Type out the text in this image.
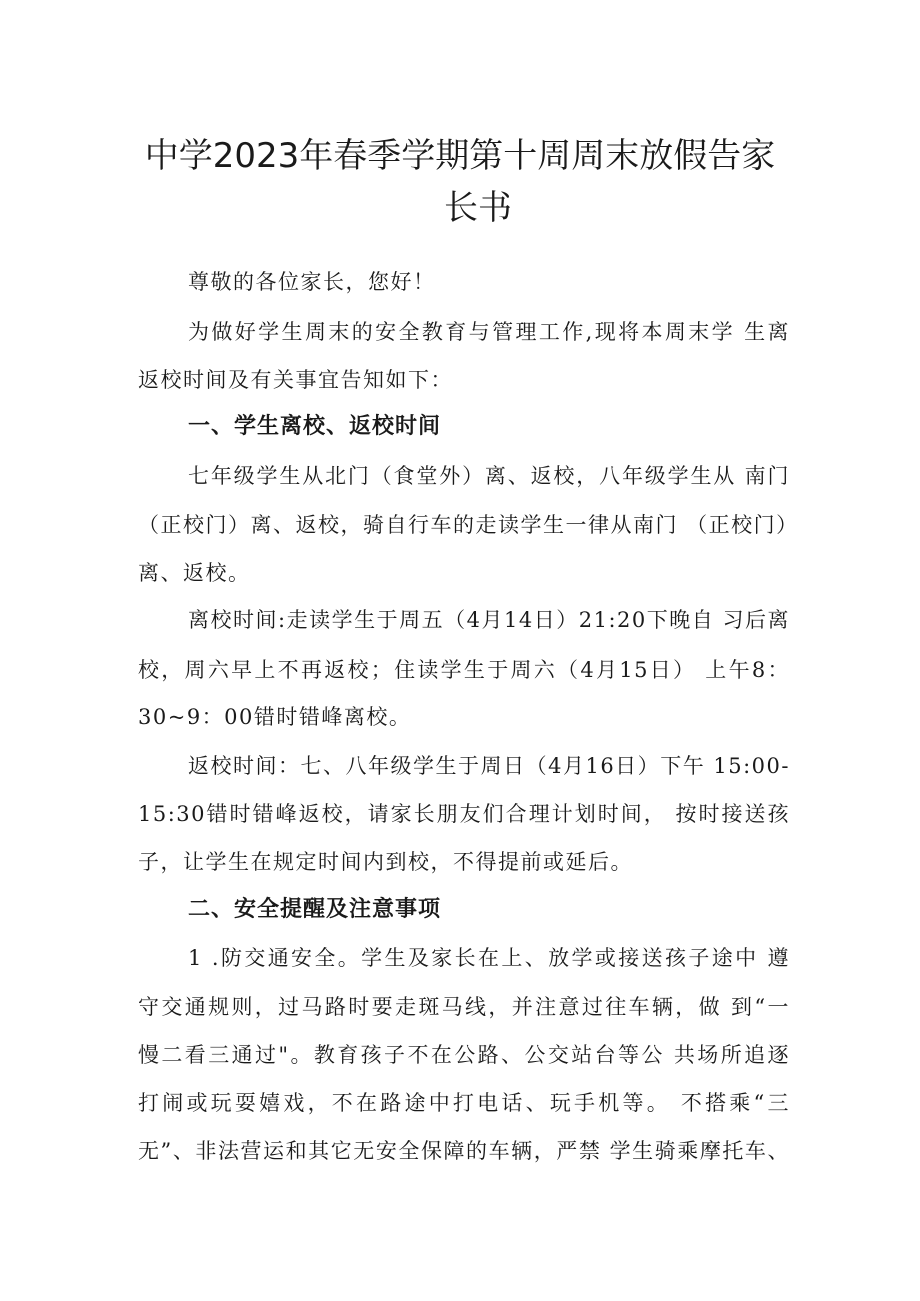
中学2023年春季学期第十周周末放假告家
长书
尊敬的各位家长，您好！
为做好学生周末的安全教育与管理工作,现将本周末学 生离
返校时间及有关事宜告知如下：
一、学生离校、返校时间
七年级学生从北门（食堂外）离、返校，八年级学生从 南门
（正校门）离、返校，骑自行车的走读学生一律从南门 （正校门）
离、返校。
离校时间:走读学生于周五（4月14日）21:20下晚自 习后离
校，周六早上不再返校；住读学生于周六（4月15日） 上午8：
30~9：00错时错峰离校。
返校时间：七、八年级学生于周日（4月16日）下午 15:00-
15:30错时错峰返校，请家长朋友们合理计划时间， 按时接送孩
子，让学生在规定时间内到校，不得提前或延后。
二、安全提醒及注意事项
1 .防交通安全。学生及家长在上、放学或接送孩子途中 遵
守交通规则，过马路时要走斑马线，并注意过往车辆，做 到“一
慢二看三通过"。教育孩子不在公路、公交站台等公 共场所追逐
打闹或玩耍嬉戏，不在路途中打电话、玩手机等。 不搭乘“三
无”、非法营运和其它无安全保障的车辆，严禁 学生骑乘摩托车、
